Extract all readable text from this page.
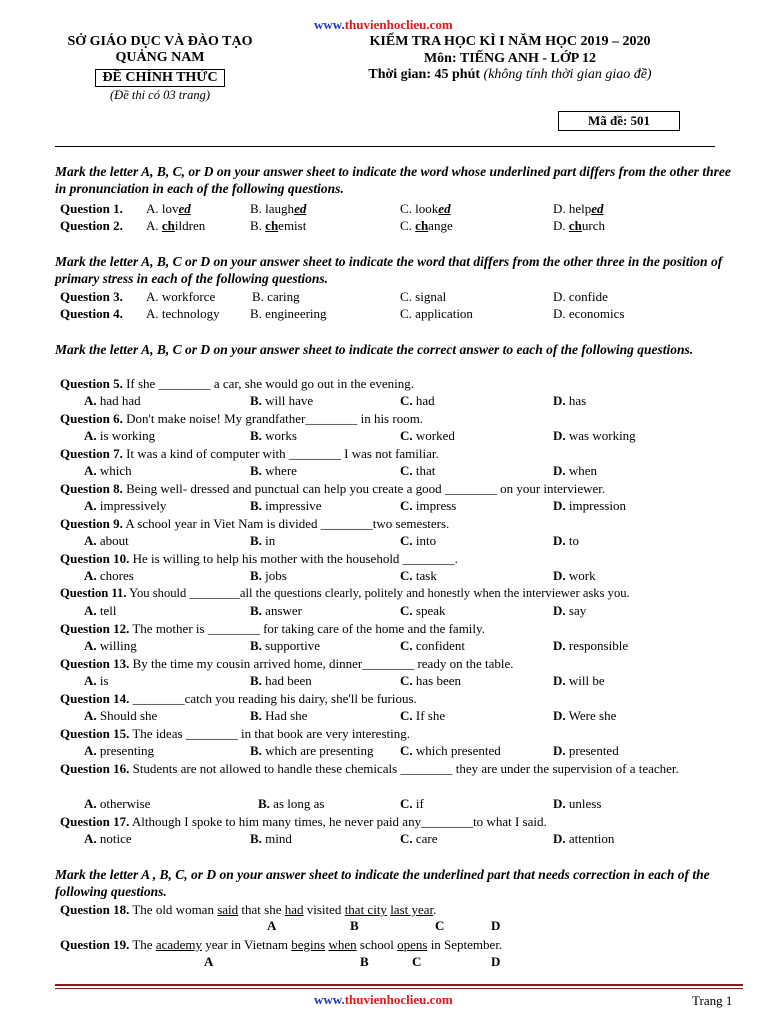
www.thuvienhoclieu.com
SỞ GIÁO DỤC VÀ ĐÀO TẠO
QUẢNG NAM
ĐỀ CHÍNH THỨC
(Đề thi có 03 trang)
KIỂM TRA HỌC KÌ I NĂM HỌC 2019 – 2020
Môn: TIẾNG ANH - LỚP 12
Thời gian: 45 phút (không tính thời gian giao đề)
Mã đề: 501
Mark the letter A, B, C, or D on your answer sheet to indicate the word whose underlined part differs from the other three in pronunciation in each of the following questions.
Question 1.	A. loved	B. laughed	C. looked	D. helped
Question 2.	A. children	B. chemist	C. change	D. church
Mark the letter A, B, C or D on your answer sheet to indicate the word that differs from the other three in the position of primary stress in each of the following questions.
Question 3.	A. workforce	B. caring	C. signal	D. confide
Question 4.	A. technology B. engineering	C. application	D. economics
Mark the letter A, B, C or D on your answer sheet to indicate the correct answer to each of the following questions.
Question 5. If she ________ a car, she would go out in the evening.
A. had had	B. will have	C. had	D. has
Question 6. Don't make noise! My grandfather________ in his room.
A. is working	B. works	C. worked	D. was working
Question 7. It was a kind of computer with ________ I was not familiar.
A. which	B. where	C. that	D. when
Question 8. Being well- dressed and punctual can help you create a good ________ on your interviewer.
A. impressively	B. impressive	C. impress	D. impression
Question 9. A school year in Viet Nam is divided ________two semesters.
A. about	B. in	C. into	D. to
Question 10. He is willing to help his mother with the household ________.
A. chores	B. jobs	C. task	D. work
Question 11. You should ________all the questions clearly, politely and honestly when the interviewer asks you.
A. tell	B. answer	C. speak	D. say
Question 12. The mother is ________ for taking care of the home and the family.
A. willing	B. supportive	C. confident	D. responsible
Question 13. By the time my cousin arrived home, dinner________ ready on the table.
A. is	B. had been	C. has been	D. will be
Question 14. ________catch you reading his dairy, she'll be furious.
A. Should she	B. Had she	C. If she	D. Were she
Question 15. The ideas ________ in that book are very interesting.
A. presenting	B. which are presenting C. which presented	D. presented
Question 16. Students are not allowed to handle these chemicals ________ they are under the supervision of a teacher.
A. otherwise	B. as long as	C. if	D. unless
Question 17. Although I spoke to him many times, he never paid any________to what I said.
A. notice	B. mind	C. care	D. attention
Mark the letter A , B, C, or D on your answer sheet to indicate the underlined part that needs correction in each of the following questions.
Question 18. The old woman said that she had visited that city last year.
A	B	C	D
Question 19. The academy year in Vietnam begins when school opens in September.
A	B	C	D
www.thuvienhoclieu.com	Trang 1
